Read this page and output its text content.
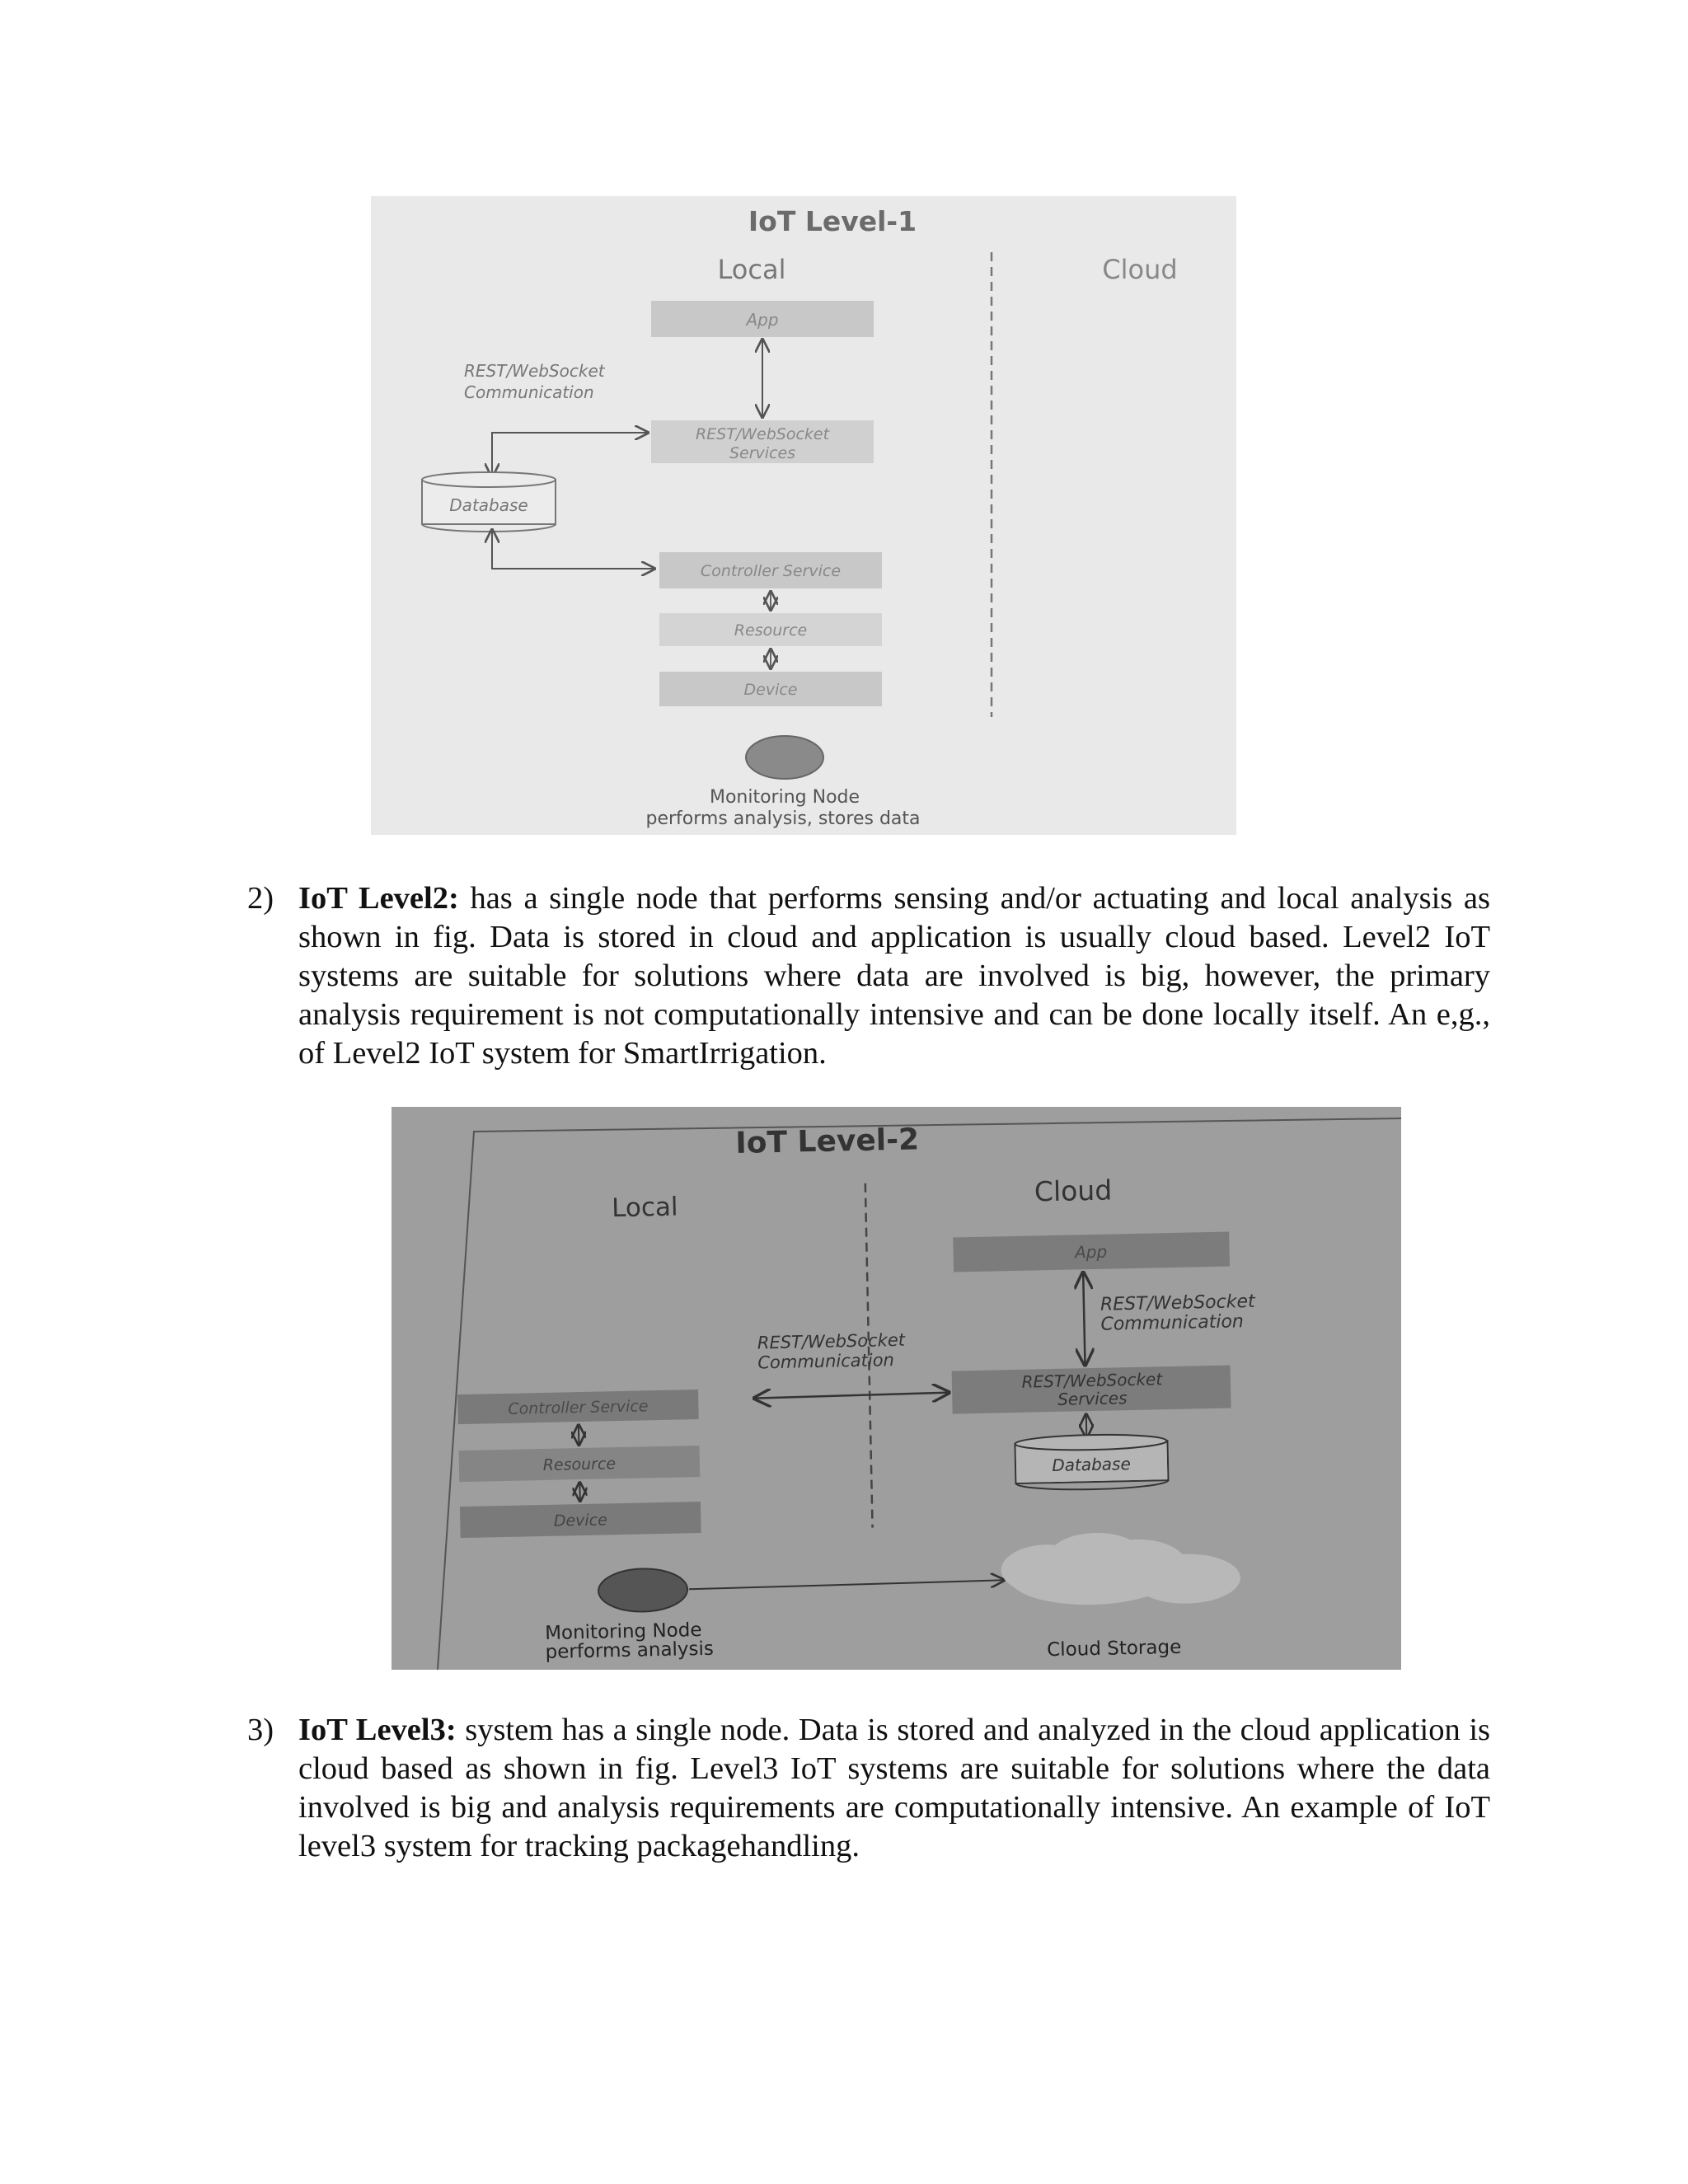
IoT Level-1
Local	Cloud
App
REST/WebSocket
Communication
REST/WebSocket
Services
Database
Controller Service
Resource
Device
Monitoring Node
performs analysis, stores data
2) IoT Level2: has a single node that performs sensing and/or actuating and local analysis as shown in fig. Data is stored in cloud and application is usually cloud based. Level2 IoT systems are suitable for solutions where data are involved is big, however, the primary analysis requirement is not computationally intensive and can be done locally itself. An e,g., of Level2 IoT system for SmartIrrigation.
IoT Level-2
Local	Cloud
App
REST/WebSocket
Communication
REST/WebSocket
Communication
REST/WebSocket
Services
Controller Service
Resource
Device
Database
Monitoring Node
performs analysis	Cloud Storage
3) IoT Level3: system has a single node. Data is stored and analyzed in the cloud application is cloud based as shown in fig. Level3 IoT systems are suitable for solutions where the data involved is big and analysis requirements are computationally intensive. An example of IoT level3 system for tracking packagehandling.
